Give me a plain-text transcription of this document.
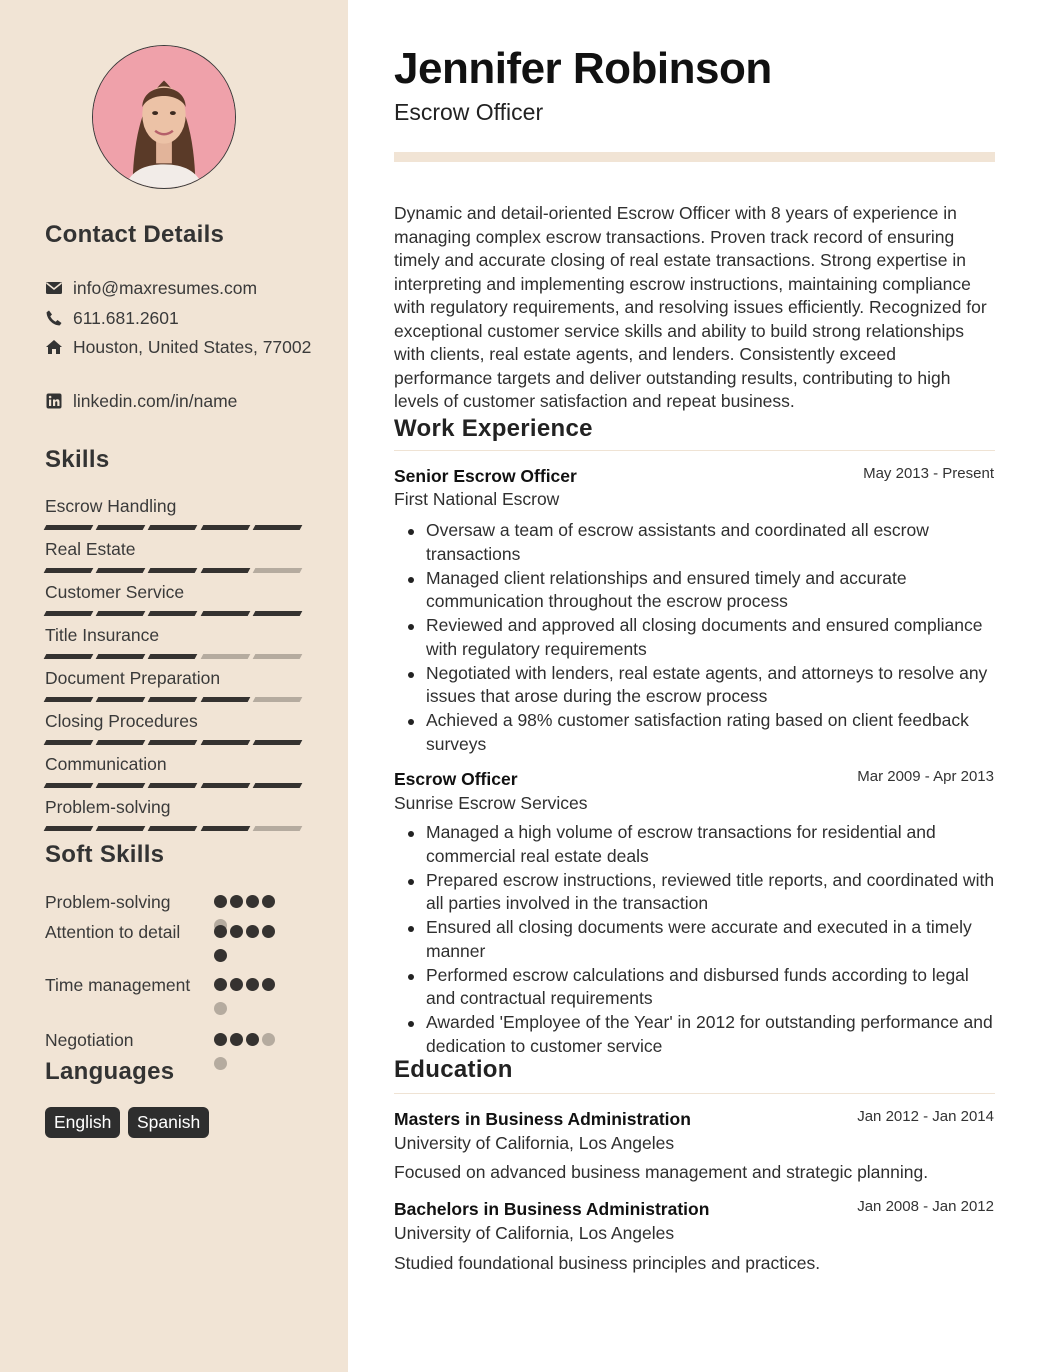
Contact Details
info@maxresumes.com
611.681.2601
Houston, United States, 77002
linkedin.com/in/name
Skills
Escrow Handling
Real Estate
Customer Service
Title Insurance
Document Preparation
Closing Procedures
Communication
Problem-solving
Soft Skills
Problem-solving
Attention to detail
Time management
Negotiation
Languages
English	Spanish
Jennifer Robinson
Escrow Officer
Dynamic and detail-oriented Escrow Officer with 8 years of experience in managing complex escrow transactions. Proven track record of ensuring timely and accurate closing of real estate transactions. Strong expertise in interpreting and implementing escrow instructions, maintaining compliance with regulatory requirements, and resolving issues efficiently. Recognized for exceptional customer service skills and ability to build strong relationships with clients, real estate agents, and lenders. Consistently exceed performance targets and deliver outstanding results, contributing to high levels of customer satisfaction and repeat business.
Work Experience
Senior Escrow Officer	May 2013 - Present
First National Escrow
Oversaw a team of escrow assistants and coordinated all escrow transactions
Managed client relationships and ensured timely and accurate communication throughout the escrow process
Reviewed and approved all closing documents and ensured compliance with regulatory requirements
Negotiated with lenders, real estate agents, and attorneys to resolve any issues that arose during the escrow process
Achieved a 98% customer satisfaction rating based on client feedback surveys
Escrow Officer	Mar 2009 - Apr 2013
Sunrise Escrow Services
Managed a high volume of escrow transactions for residential and commercial real estate deals
Prepared escrow instructions, reviewed title reports, and coordinated with all parties involved in the transaction
Ensured all closing documents were accurate and executed in a timely manner
Performed escrow calculations and disbursed funds according to legal and contractual requirements
Awarded 'Employee of the Year' in 2012 for outstanding performance and dedication to customer service
Education
Masters in Business Administration	Jan 2012 - Jan 2014
University of California, Los Angeles
Focused on advanced business management and strategic planning.
Bachelors in Business Administration	Jan 2008 - Jan 2012
University of California, Los Angeles
Studied foundational business principles and practices.
